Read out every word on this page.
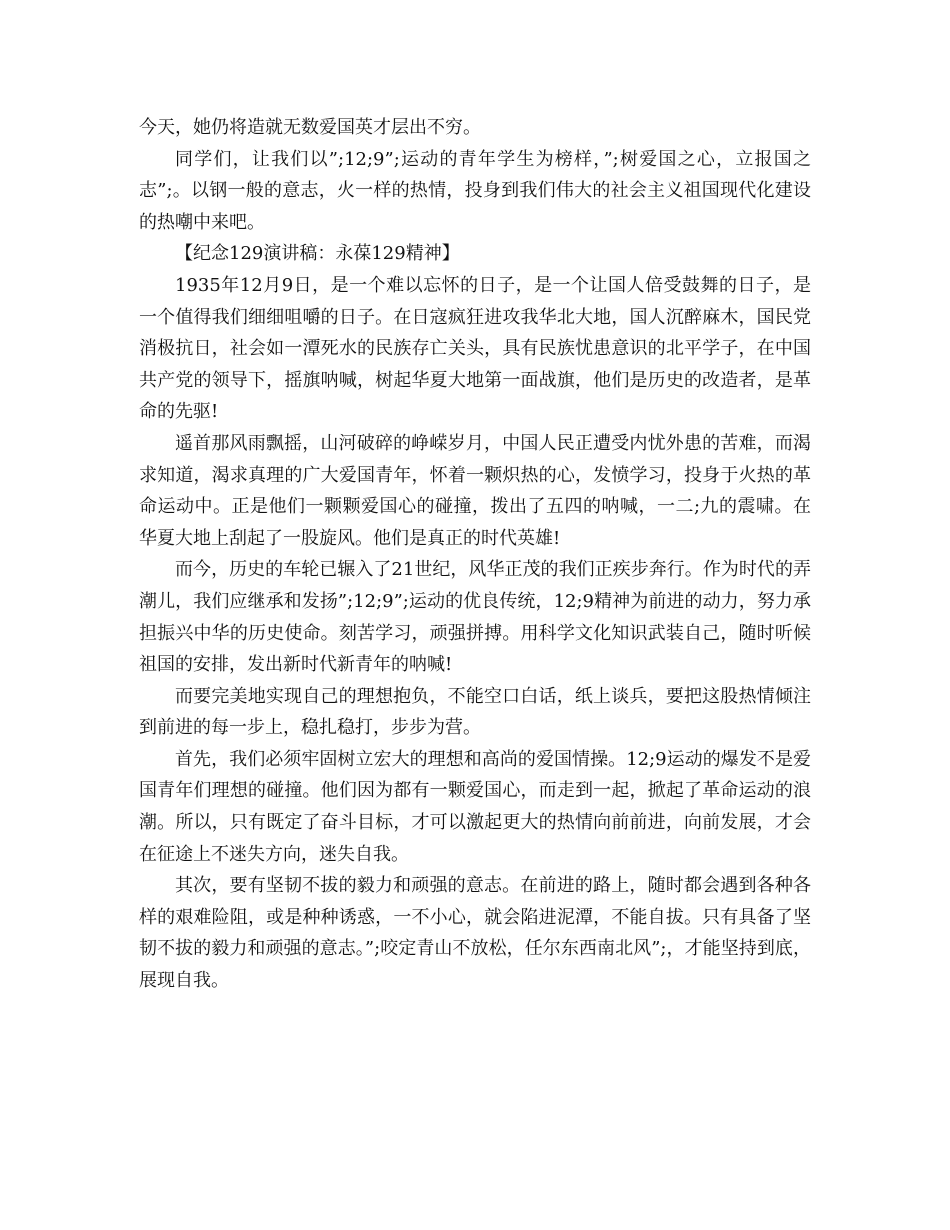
今天，她仍将造就无数爱国英才层出不穷。

同学们，让我们以”;12;9”;运动的青年学生为榜样，”;树爱国之心，立报国之志”;。以钢一般的意志，火一样的热情，投身到我们伟大的社会主义祖国现代化建设的热嘲中来吧。

【纪念129演讲稿：永葆129精神】

1935年12月9日，是一个难以忘怀的日子，是一个让国人倍受鼓舞的日子，是一个值得我们细细咀嚼的日子。在日寇疯狂进攻我华北大地，国人沉醉麻木，国民党消极抗日，社会如一潭死水的民族存亡关头，具有民族忧患意识的北平学子，在中国共产党的领导下，摇旗呐喊，树起华夏大地第一面战旗，他们是历史的改造者，是革命的先驱!

遥首那风雨飘摇，山河破碎的峥嵘岁月，中国人民正遭受内忧外患的苦难，而渴求知道，渴求真理的广大爱国青年，怀着一颗炽热的心，发愤学习，投身于火热的革命运动中。正是他们一颗颗爱国心的碰撞，拨出了五四的呐喊，一二;九的震啸。在华夏大地上刮起了一股旋风。他们是真正的时代英雄!

而今，历史的车轮已辗入了21世纪，风华正茂的我们正疾步奔行。作为时代的弄潮儿，我们应继承和发扬”;12;9”;运动的优良传统，12;9精神为前进的动力，努力承担振兴中华的历史使命。刻苦学习，顽强拼搏。用科学文化知识武装自己，随时听候祖国的安排，发出新时代新青年的呐喊!

而要完美地实现自己的理想抱负，不能空口白话，纸上谈兵，要把这股热情倾注到前进的每一步上，稳扎稳打，步步为营。

首先，我们必须牢固树立宏大的理想和高尚的爱国情操。12;9运动的爆发不是爱国青年们理想的碰撞。他们因为都有一颗爱国心，而走到一起，掀起了革命运动的浪潮。所以，只有既定了奋斗目标，才可以激起更大的热情向前前进，向前发展，才会在征途上不迷失方向，迷失自我。

其次，要有坚韧不拔的毅力和顽强的意志。在前进的路上，随时都会遇到各种各样的艰难险阻，或是种种诱惑，一不小心，就会陷进泥潭，不能自拔。只有具备了坚韧不拔的毅力和顽强的意志。”;咬定青山不放松，任尔东西南北风”;，才能坚持到底，展现自我。
